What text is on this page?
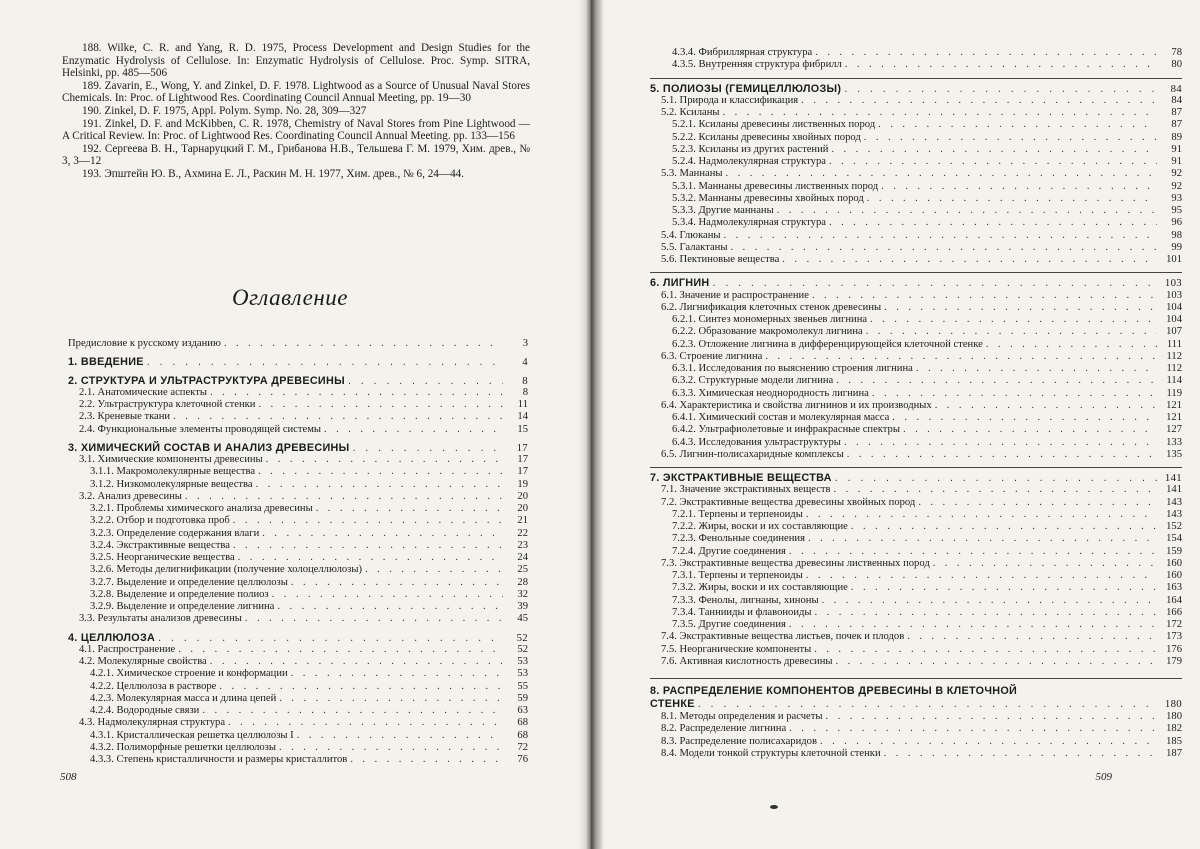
188. Wilke, C. R. and Yang, R. D. 1975, Process Development and Design Studies for the Enzymatic Hydrolysis of Cellulose. In: Enzymatic Hydrolysis of Cellulose. Proc. Symp. SITRA, Helsinki, pp. 485—506

189. Zavarin, E., Wong, Y. and Zinkel, D. F. 1978. Lightwood as a Source of Unusual Naval Stores Chemicals. In: Proc. of Lightwood Res. Coordinating Council Annual Meeting, pp. 19—30

190. Zinkel, D. F. 1975, Appl. Polym. Symp. No. 28, 309—327

191. Zinkel, D. F. and McKibben, C. R. 1978, Chemistry of Naval Stores from Pine Lightwood — A Critical Review. In: Proc. of Lightwood Res. Coordinating Council Annual Meeting. pp. 133—156

192. Сергеева В. Н., Тарнаруцкий Г. М., Грибанова Н.В., Тельшева Г. М. 1979, Хим. древ., № 3, 3—12

193. Эпштейн Ю. В., Ахмина Е. Л., Раскин М. Н. 1977, Хим. древ., № 6, 24—44.

Оглавление
Предисловие к русскому изданию . . .	3
1. ВВЕДЕНИЕ . . .	4
2. СТРУКТУРА И УЛЬТРАСТРУКТУРА ДРЕВЕСИНЫ . . .	8
2.1. Анатомические аспекты . . .	8
2.2. Ультраструктура клеточной стенки . . .	11
2.3. Креневые ткани . . .	14
2.4. Функциональные элементы проводящей системы . . .	15
3. ХИМИЧЕСКИЙ СОСТАВ И АНАЛИЗ ДРЕВЕСИНЫ . . .	17
3.1. Химические компоненты древесины . . .	17
3.1.1. Макромолекулярные вещества . . .	17
3.1.2. Низкомолекулярные вещества . . .	19
3.2. Анализ древесины . . .	20
3.2.1. Проблемы химического анализа древесины . . .	20
3.2.2. Отбор и подготовка проб . . .	21
3.2.3. Определение содержания влаги . . .	22
3.2.4. Экстрактивные вещества . . .	23
3.2.5. Неорганические вещества . . .	24
3.2.6. Методы делигнификации (получение холоцеллюлозы) . . .	25
3.2.7. Выделение и определение целлюлозы . . .	28
3.2.8. Выделение и определение полиоз . . .	32
3.2.9. Выделение и определение лигнина . . .	39
3.3. Результаты анализов древесины . . .	45
4. ЦЕЛЛЮЛОЗА . . .	52
4.1. Распространение . . .	52
4.2. Молекулярные свойства . . .	53
4.2.1. Химическое строение и конформации . . .	53
4.2.2. Целлюлоза в растворе . . .	55
4.2.3. Молекулярная масса и длина цепей . . .	59
4.2.4. Водородные связи . . .	63
4.3. Надмолекулярная структура . . .	68
4.3.1. Кристаллическая решетка целлюлозы I . . .	68
4.3.2. Полиморфные решетки целлюлозы . . .	72
4.3.3. Степень кристалличности и размеры кристаллитов . . .	76
508
4.3.4. Фибриллярная структура . . .	78
4.3.5. Внутренняя структура фибрилл . . .	80
5. ПОЛИОЗЫ (ГЕМИЦЕЛЛЮЛОЗЫ) . . .	84
5.1. Природа и классификация . . .	84
5.2. Ксиланы . . .	87
5.2.1. Ксиланы древесины лиственных пород . . .	87
5.2.2. Ксиланы древесины хвойных пород . . .	89
5.2.3. Ксиланы из других растений . . .	91
5.2.4. Надмолекулярная структура . . .	91
5.3. Маннаны . . .	92
5.3.1. Маннаны древесины лиственных пород . . .	92
5.3.2. Маннаны древесины хвойных пород . . .	93
5.3.3. Другие маннаны . . .	95
5.3.4. Надмолекулярная структура . . .	96
5.4. Глюканы . . .	98
5.5. Галактаны . . .	99
5.6. Пектиновые вещества . . .	101
6. ЛИГНИН . . .	103
6.1. Значение и распространение . . .	103
6.2. Лигнификация клеточных стенок древесины . . .	104
6.2.1. Синтез мономерных звеньев лигнина . . .	104
6.2.2. Образование макромолекул лигнина . . .	107
6.2.3. Отложение лигнина в дифференцирующейся клеточной стенке . . .	111
6.3. Строение лигнина . . .	112
6.3.1. Исследования по выяснению строения лигнина . . .	112
6.3.2. Структурные модели лигнина . . .	114
6.3.3. Химическая неоднородность лигнина . . .	119
6.4. Характеристика и свойства лигнинов и их производных . . .	121
6.4.1. Химический состав и молекулярная масса . . .	121
6.4.2. Ультрафиолетовые и инфракрасные спектры . . .	127
6.4.3. Исследования ультраструктуры . . .	133
6.5. Лигнин-полисахаридные комплексы . . .	135
7. ЭКСТРАКТИВНЫЕ ВЕЩЕСТВА . . .	141
7.1. Значение экстрактивных веществ . . .	141
7.2. Экстрактивные вещества древесины хвойных пород . . .	143
7.2.1. Терпены и терпеноиды . . .	143
7.2.2. Жиры, воски и их составляющие . . .	152
7.2.3. Фенольные соединения . . .	154
7.2.4. Другие соединения . . .	159
7.3. Экстрактивные вещества древесины лиственных пород . . .	160
7.3.1. Терпены и терпеноиды . . .	160
7.3.2. Жиры, воски и их составляющие . . .	163
7.3.3. Фенолы, лигнаны, хиноны . . .	164
7.3.4. Таннииды и флавоноиды . . .	166
7.3.5. Другие соединения . . .	172
7.4. Экстрактивные вещества листьев, почек и плодов . . .	173
7.5. Неорганические компоненты . . .	176
7.6. Активная кислотность древесины . . .	179
8. РАСПРЕДЕЛЕНИЕ КОМПОНЕНТОВ ДРЕВЕСИНЫ В КЛЕТОЧНОЙ
СТЕНКЕ . . .	180
8.1. Методы определения и расчеты . . .	180
8.2. Распределение лигнина . . .	182
8.3. Распределение полисахаридов . . .	185
8.4. Модели тонкой структуры клеточной стенки . . .	187
509
